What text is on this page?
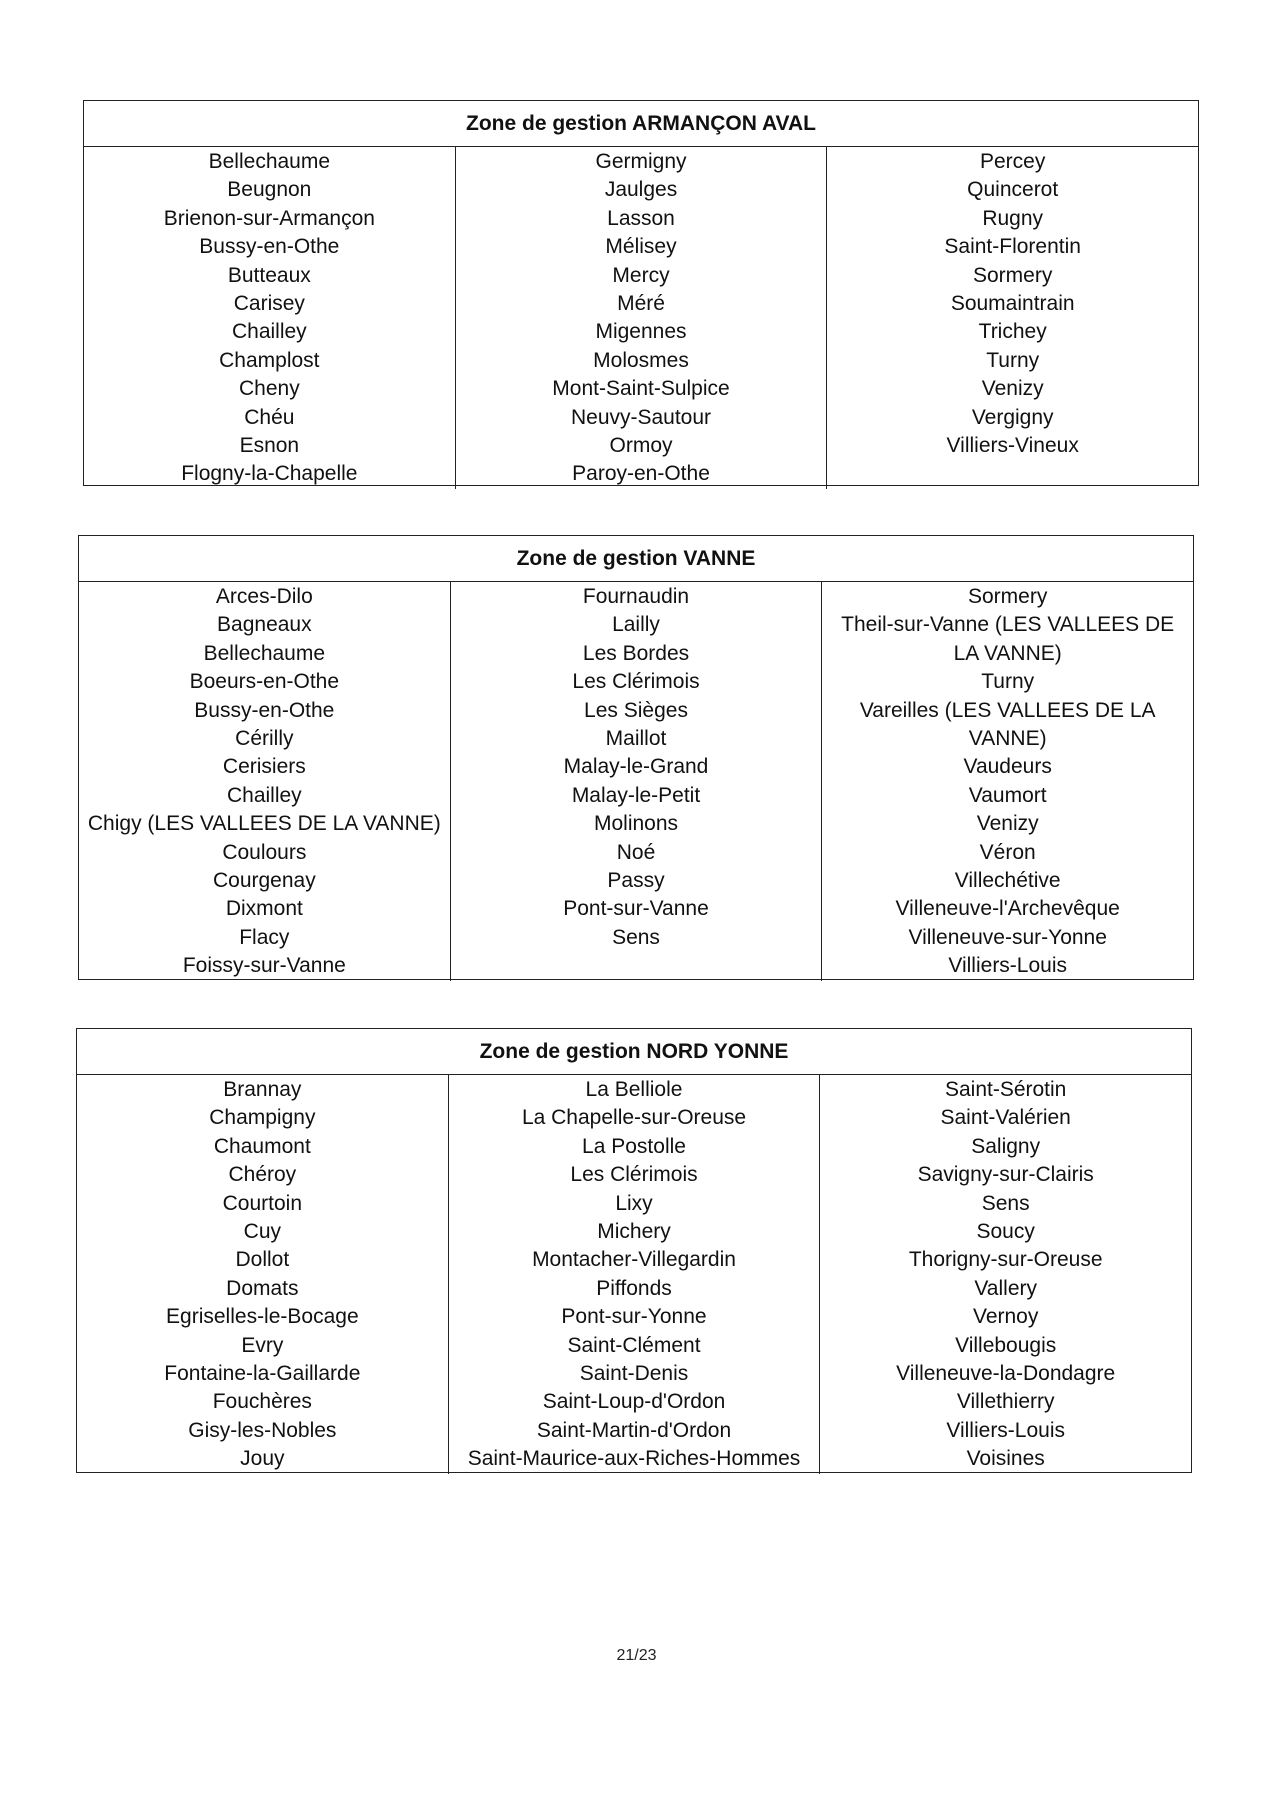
Zone de gestion ARMANÇON AVAL
Bellechaume
Beugnon
Brienon-sur-Armançon
Bussy-en-Othe
Butteaux
Carisey
Chailley
Champlost
Cheny
Chéu
Esnon
Flogny-la-Chapelle
Germigny
Jaulges
Lasson
Mélisey
Mercy
Méré
Migennes
Molosmes
Mont-Saint-Sulpice
Neuvy-Sautour
Ormoy
Paroy-en-Othe
Percey
Quincerot
Rugny
Saint-Florentin
Sormery
Soumaintrain
Trichey
Turny
Venizy
Vergigny
Villiers-Vineux
Zone de gestion VANNE
Arces-Dilo
Bagneaux
Bellechaume
Boeurs-en-Othe
Bussy-en-Othe
Cérilly
Cerisiers
Chailley
Chigy (LES VALLEES DE LA VANNE)
Coulours
Courgenay
Dixmont
Flacy
Foissy-sur-Vanne
Fournaudin
Lailly
Les Bordes
Les Clérimois
Les Sièges
Maillot
Malay-le-Grand
Malay-le-Petit
Molinons
Noé
Passy
Pont-sur-Vanne
Sens
Sormery
Theil-sur-Vanne (LES VALLEES DE LA VANNE)
Turny
Vareilles (LES VALLEES DE LA VANNE)
Vaudeurs
Vaumort
Venizy
Véron
Villechétive
Villeneuve-l'Archevêque
Villeneuve-sur-Yonne
Villiers-Louis
Zone de gestion NORD YONNE
Brannay
Champigny
Chaumont
Chéroy
Courtoin
Cuy
Dollot
Domats
Egriselles-le-Bocage
Evry
Fontaine-la-Gaillarde
Fouchères
Gisy-les-Nobles
Jouy
La Belliole
La Chapelle-sur-Oreuse
La Postolle
Les Clérimois
Lixy
Michery
Montacher-Villegardin
Piffonds
Pont-sur-Yonne
Saint-Clément
Saint-Denis
Saint-Loup-d'Ordon
Saint-Martin-d'Ordon
Saint-Maurice-aux-Riches-Hommes
Saint-Sérotin
Saint-Valérien
Saligny
Savigny-sur-Clairis
Sens
Soucy
Thorigny-sur-Oreuse
Vallery
Vernoy
Villebougis
Villeneuve-la-Dondagre
Villethierry
Villiers-Louis
Voisines
21/23
